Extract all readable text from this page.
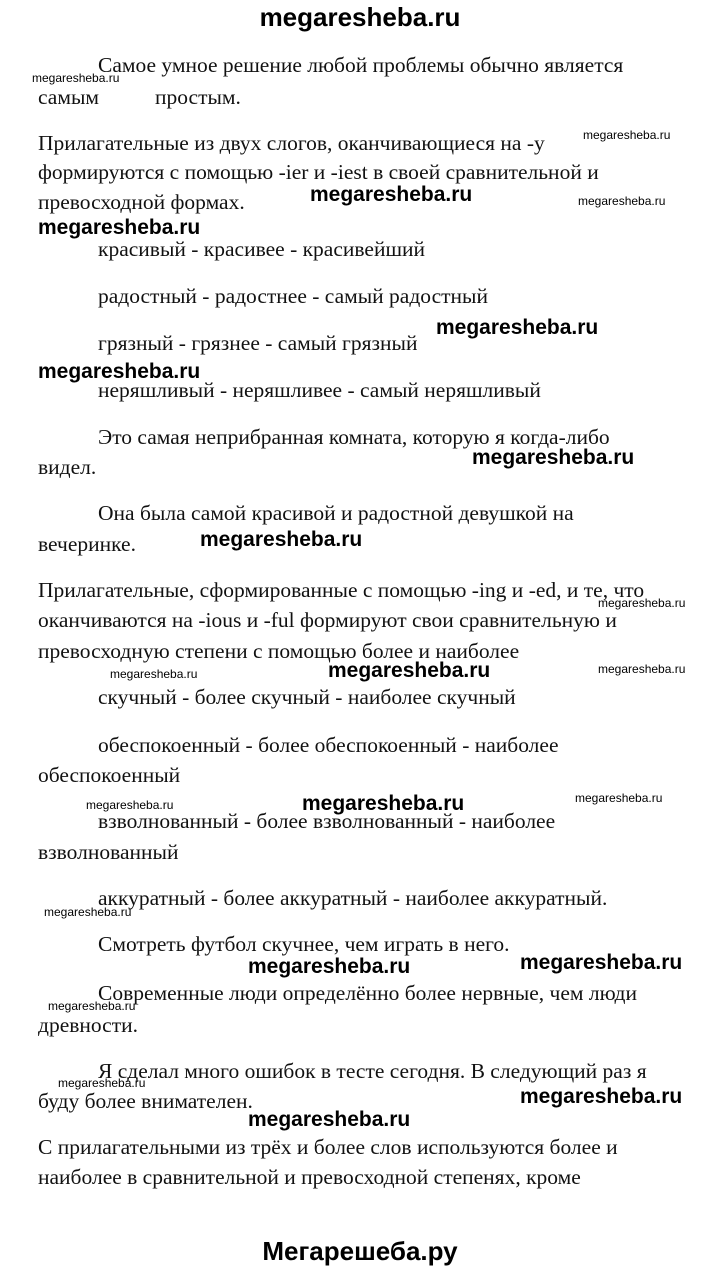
megaresheba.ru
Самое умное решение любой проблемы обычно является
самым	простым.
Прилагательные из двух слогов, оканчивающиеся на -y
формируются с помощью -ier и -iest в своей сравнительной и
превосходной формах.
красивый - красивее - красивейший
радостный - радостнее - самый радостный
грязный - грязнее - самый грязный
неряшливый - неряшливее - самый неряшливый
Это самая неприбранная комната, которую я когда-либо
видел.
Она была самой красивой и радостной девушкой на
вечеринке.
Прилагательные, сформированные с помощью -ing и -ed, и те, что
оканчиваются на -ious и -ful формируют свои сравнительную и
превосходную степени с помощью более и наиболее
скучный - более скучный - наиболее скучный
обеспокоенный - более обеспокоенный - наиболее
обеспокоенный
взволнованный - более взволнованный - наиболее
взволнованный
аккуратный - более аккуратный - наиболее аккуратный.
Смотреть футбол скучнее, чем играть в него.
Современные люди определённо более нервные, чем люди
древности.
Я сделал много ошибок в тесте сегодня. В следующий раз я
буду более внимателен.
С прилагательными из трёх и более слов используются более и
наиболее в сравнительной и превосходной степенях, кроме
megaresheba.ru
megaresheba.ru
megaresheba.ru
megaresheba.ru
megaresheba.ru
megaresheba.ru
megaresheba.ru
megaresheba.ru
megaresheba.ru	megaresheba.ru
megaresheba.ru
megaresheba.ru
megaresheba.ru
megaresheba.ru
megaresheba.ru
megaresheba.ru
megaresheba.ru	megaresheba.ru
megaresheba.ru	megaresheba.ru
megaresheba.ru
megaresheba.ru
megaresheba.ru
Мегарешеба.ру
